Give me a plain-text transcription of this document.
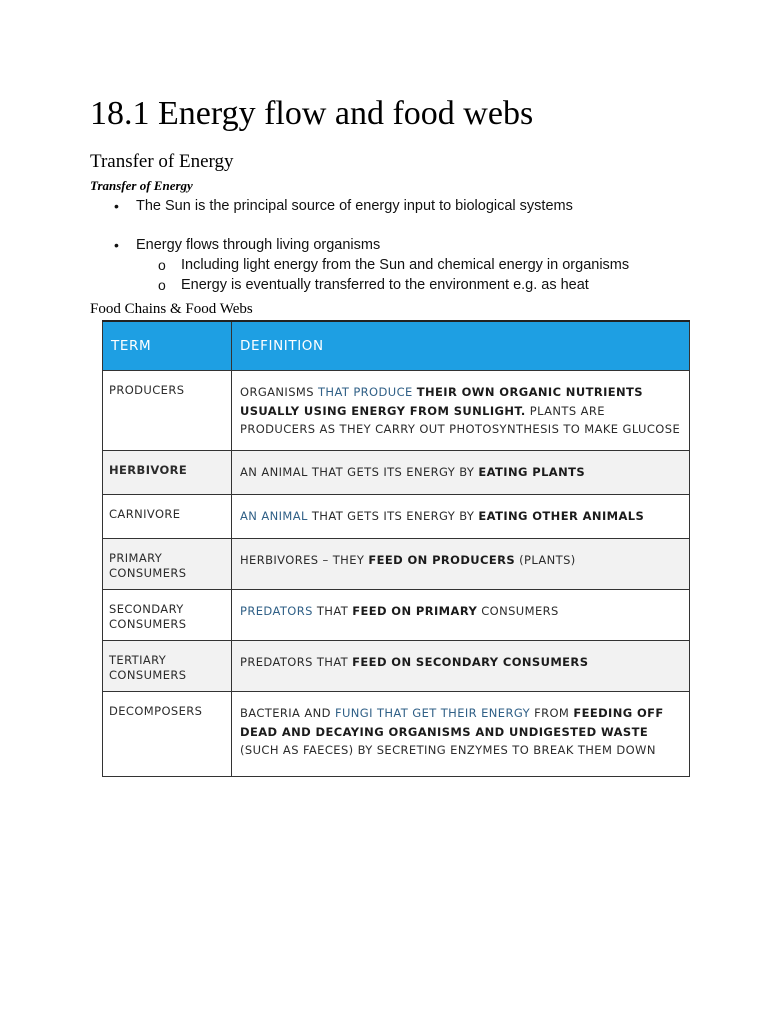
18.1 Energy flow and food webs
Transfer of Energy
Transfer of Energy
• The Sun is the principal source of energy input to biological systems
• Energy flows through living organisms
o Including light energy from the Sun and chemical energy in organisms
o Energy is eventually transferred to the environment e.g. as heat
Food Chains & Food Webs
TERM	DEFINITION
PRODUCERS	ORGANISMS THAT PRODUCE THEIR OWN ORGANIC NUTRIENTS USUALLY USING ENERGY FROM SUNLIGHT. PLANTS ARE PRODUCERS AS THEY CARRY OUT PHOTOSYNTHESIS TO MAKE GLUCOSE
HERBIVORE	AN ANIMAL THAT GETS ITS ENERGY BY EATING PLANTS
CARNIVORE	AN ANIMAL THAT GETS ITS ENERGY BY EATING OTHER ANIMALS
PRIMARY CONSUMERS	HERBIVORES – THEY FEED ON PRODUCERS (PLANTS)
SECONDARY CONSUMERS	PREDATORS THAT FEED ON PRIMARY CONSUMERS
TERTIARY CONSUMERS	PREDATORS THAT FEED ON SECONDARY CONSUMERS
DECOMPOSERS	BACTERIA AND FUNGI THAT GET THEIR ENERGY FROM FEEDING OFF DEAD AND DECAYING ORGANISMS AND UNDIGESTED WASTE (SUCH AS FAECES) BY SECRETING ENZYMES TO BREAK THEM DOWN
